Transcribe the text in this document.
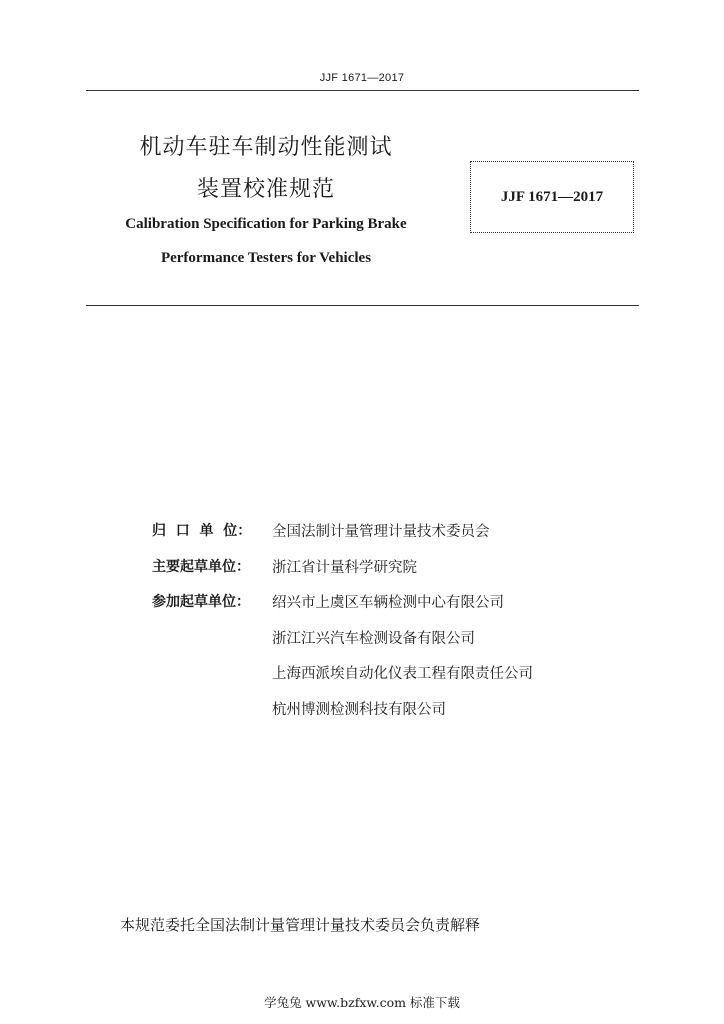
JJF 1671—2017
机动车驻车制动性能测试
装置校准规范
Calibration Specification for Parking Brake
Performance Testers for Vehicles
JJF 1671—2017
归  口  单  位：	全国法制计量管理计量技术委员会
主要起草单位：	浙江省计量科学研究院
参加起草单位：	绍兴市上虞区车辆检测中心有限公司
浙江江兴汽车检测设备有限公司
上海西派埃自动化仪表工程有限责任公司
杭州博测检测科技有限公司
本规范委托全国法制计量管理计量技术委员会负责解释
学兔兔 www.bzfxw.com 标准下载
